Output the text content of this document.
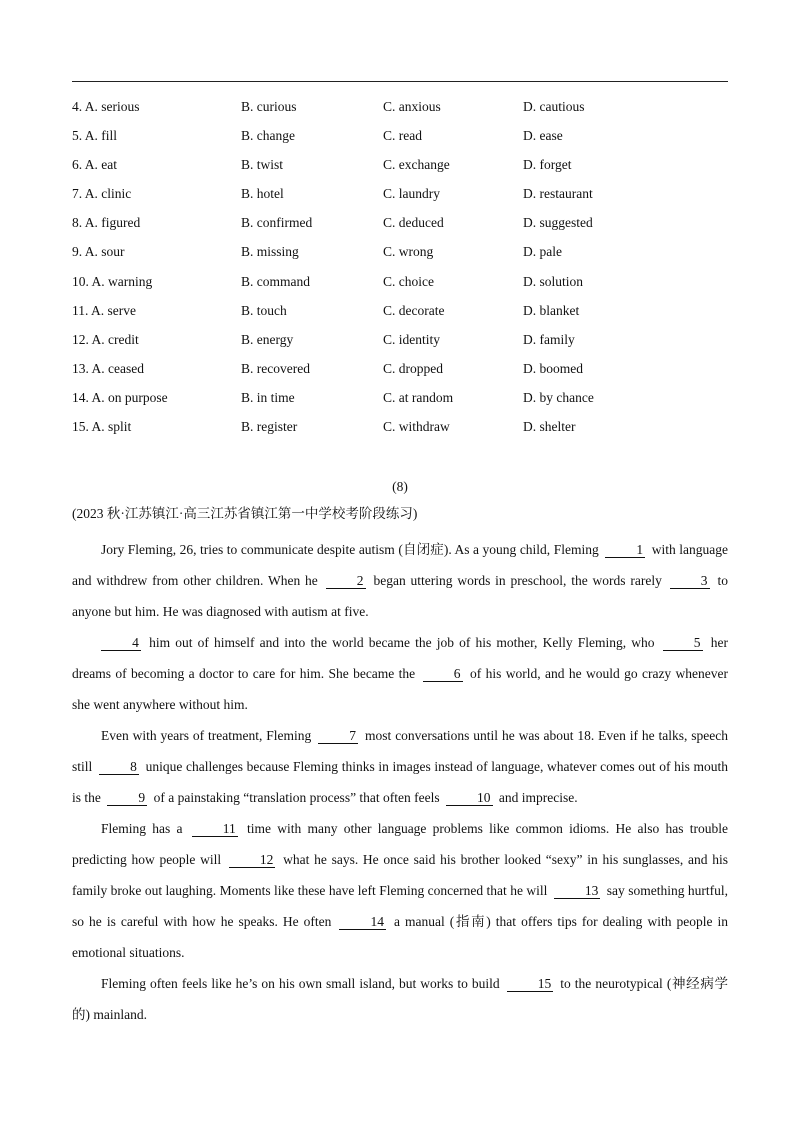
4. A. serious	B. curious	C. anxious	D. cautious
5. A. fill	B. change	C. read	D. ease
6. A. eat	B. twist	C. exchange	D. forget
7. A. clinic	B. hotel	C. laundry	D. restaurant
8. A. figured	B. confirmed	C. deduced	D. suggested
9. A. sour	B. missing	C. wrong	D. pale
10. A. warning	B. command	C. choice	D. solution
11. A. serve	B. touch	C. decorate	D. blanket
12. A. credit	B. energy	C. identity	D. family
13. A. ceased	B. recovered	C. dropped	D. boomed
14. A. on purpose	B. in time	C. at random	D. by chance
15. A. split	B. register	C. withdraw	D. shelter
(8)
(2023 秋·江苏镇江·高三江苏省镇江第一中学校考阶段练习)

Jory Fleming, 26, tries to communicate despite autism (自闭症). As a young child, Fleming	1 with language and withdrew from other children. When he	2 began uttering words in preschool, the words rarely	3 to anyone but him. He was diagnosed with autism at five.

4 him out of himself and into the world became the job of his mother, Kelly Fleming, who	5 her dreams of becoming a doctor to care for him. She became the	6 of his world, and he would go crazy whenever she went anywhere without him.

Even with years of treatment, Fleming	7 most conversations until he was about 18. Even if he talks, speech still	8 unique challenges because Fleming thinks in images instead of language, whatever comes out of his mouth is the	9 of a painstaking “translation process” that often feels	10 and imprecise.

Fleming has a	11 time with many other language problems like common idioms. He also has trouble predicting how people will	12 what he says. He once said his brother looked “sexy” in his sunglasses, and his family broke out laughing. Moments like these have left Fleming concerned that he will	13 say something hurtful, so he is careful with how he speaks. He often	14 a manual (指南) that offers tips for dealing with people in emotional situations.

Fleming often feels like he’s on his own small island, but works to build	15 to the neurotypical (神经病学的) mainland.
